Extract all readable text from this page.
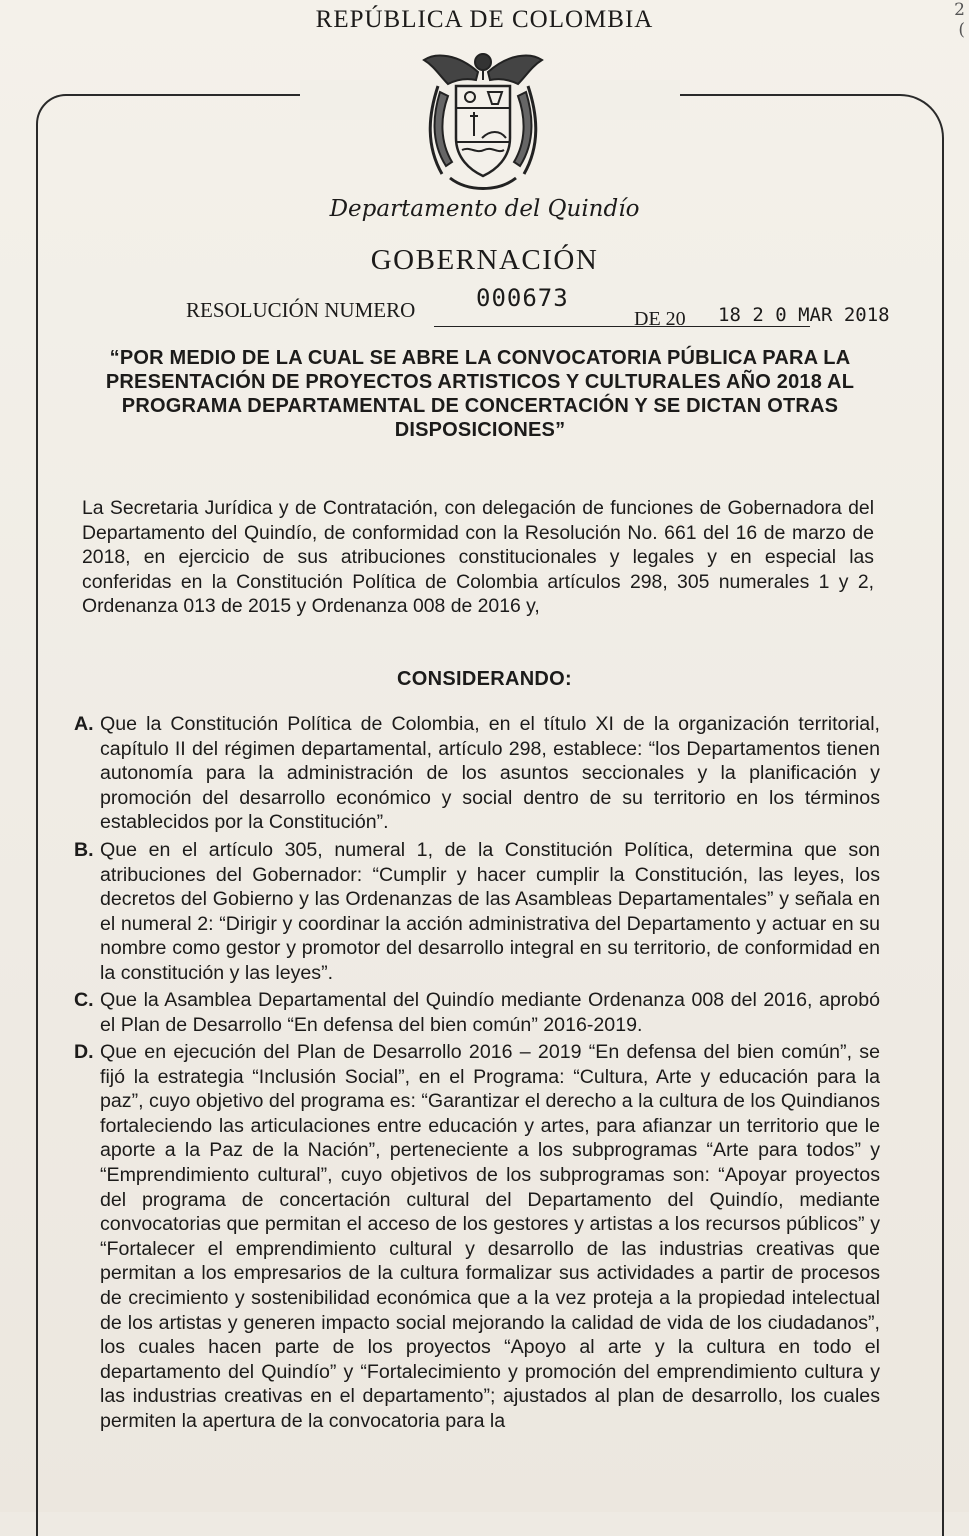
2
(
REPÚBLICA DE COLOMBIA
Departamento del Quindío
GOBERNACIÓN
RESOLUCIÓN NUMERO	000673
DE 20 18 2 0 MAR 2018
“POR MEDIO DE LA CUAL SE ABRE LA CONVOCATORIA PÚBLICA PARA LA PRESENTACIÓN DE PROYECTOS ARTISTICOS Y CULTURALES AÑO 2018 AL PROGRAMA DEPARTAMENTAL DE CONCERTACIÓN Y SE DICTAN OTRAS DISPOSICIONES”
La Secretaria Jurídica y de Contratación, con delegación de funciones de Gobernadora del Departamento del Quindío, de conformidad con la Resolución No. 661 del 16 de marzo de 2018, en ejercicio de sus atribuciones constitucionales y legales y en especial las conferidas en la Constitución Política de Colombia artículos 298, 305 numerales 1 y 2, Ordenanza 013 de 2015 y Ordenanza 008 de 2016 y,
CONSIDERANDO:
A. Que la Constitución Política de Colombia, en el título XI de la organización territorial, capítulo II del régimen departamental, artículo 298, establece: “los Departamentos tienen autonomía para la administración de los asuntos seccionales y la planificación y promoción del desarrollo económico y social dentro de su territorio en los términos establecidos por la Constitución”.
B. Que en el artículo 305, numeral 1, de la Constitución Política, determina que son atribuciones del Gobernador: “Cumplir y hacer cumplir la Constitución, las leyes, los decretos del Gobierno y las Ordenanzas de las Asambleas Departamentales” y señala en el numeral 2: “Dirigir y coordinar la acción administrativa del Departamento y actuar en su nombre como gestor y promotor del desarrollo integral en su territorio, de conformidad en la constitución y las leyes”.
C. Que la Asamblea Departamental del Quindío mediante Ordenanza 008 del 2016, aprobó el Plan de Desarrollo “En defensa del bien común” 2016-2019.
D. Que en ejecución del Plan de Desarrollo 2016 – 2019 “En defensa del bien común”, se fijó la estrategia “Inclusión Social”, en el Programa: “Cultura, Arte y educación para la paz”, cuyo objetivo del programa es: “Garantizar el derecho a la cultura de los Quindianos fortaleciendo las articulaciones entre educación y artes, para afianzar un territorio que le aporte a la Paz de la Nación”, perteneciente a los subprogramas “Arte para todos” y “Emprendimiento cultural”, cuyo objetivos de los subprogramas son: “Apoyar proyectos del programa de concertación cultural del Departamento del Quindío, mediante convocatorias que permitan el acceso de los gestores y artistas a los recursos públicos” y “Fortalecer el emprendimiento cultural y desarrollo de las industrias creativas que permitan a los empresarios de la cultura formalizar sus actividades a partir de procesos de crecimiento y sostenibilidad económica que a la vez proteja a la propiedad intelectual de los artistas y generen impacto social mejorando la calidad de vida de los ciudadanos”, los cuales hacen parte de los proyectos “Apoyo al arte y la cultura en todo el departamento del Quindío” y “Fortalecimiento y promoción del emprendimiento cultura y las industrias creativas en el departamento”; ajustados al plan de desarrollo, los cuales permiten la apertura de la convocatoria para la
